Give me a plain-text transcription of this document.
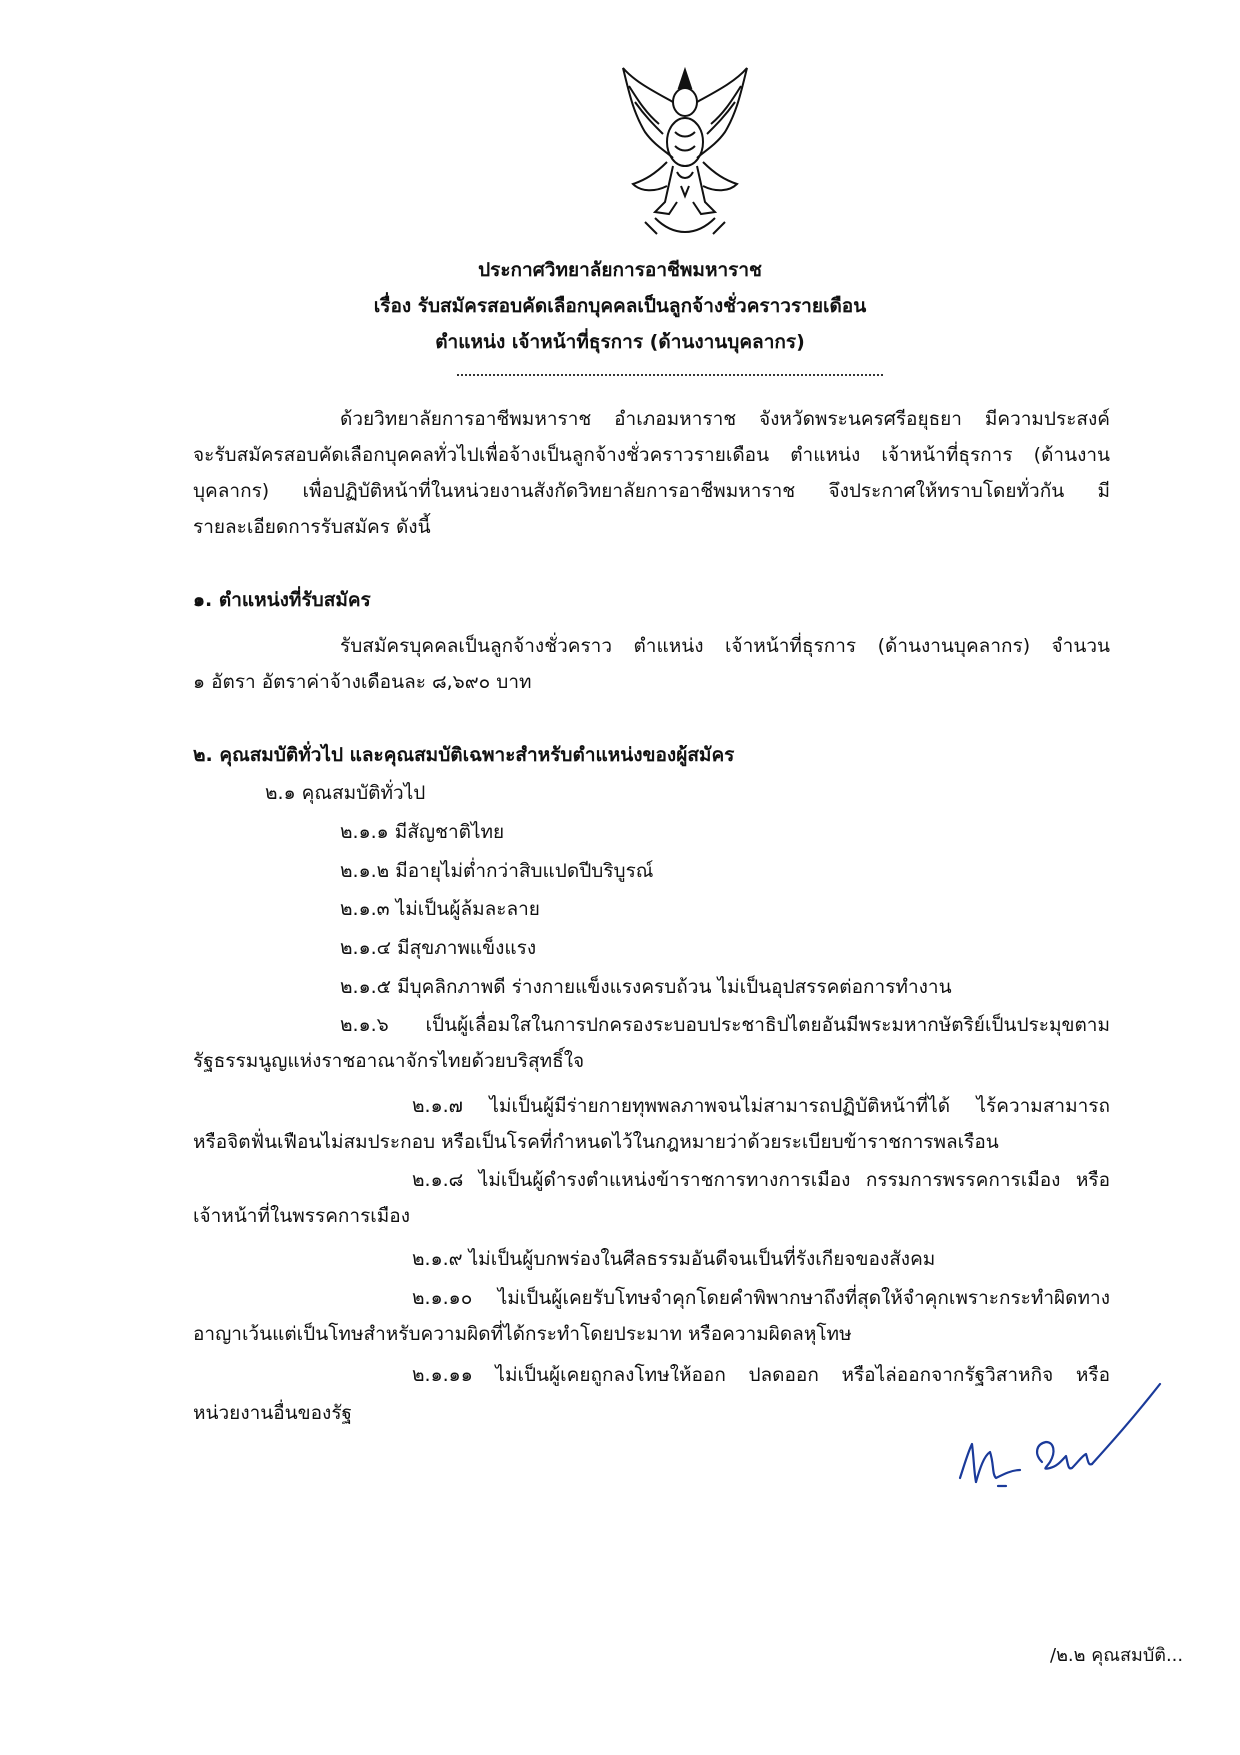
ประกาศวิทยาลัยการอาชีพมหาราช
เรื่อง รับสมัครสอบคัดเลือกบุคคลเป็นลูกจ้างชั่วคราวรายเดือน
ตำแหน่ง เจ้าหน้าที่ธุรการ (ด้านงานบุคลากร)
ด้วยวิทยาลัยการอาชีพมหาราช อำเภอมหาราช จังหวัดพระนครศรีอยุธยา มีความประสงค์
จะรับสมัครสอบคัดเลือกบุคคลทั่วไปเพื่อจ้างเป็นลูกจ้างชั่วคราวรายเดือน ตำแหน่ง เจ้าหน้าที่ธุรการ (ด้านงาน
บุคลากร) เพื่อปฏิบัติหน้าที่ในหน่วยงานสังกัดวิทยาลัยการอาชีพมหาราช จึงประกาศให้ทราบโดยทั่วกัน มี
รายละเอียดการรับสมัคร ดังนี้
๑. ตำแหน่งที่รับสมัคร
รับสมัครบุคคลเป็นลูกจ้างชั่วคราว ตำแหน่ง เจ้าหน้าที่ธุรการ (ด้านงานบุคลากร) จำนวน
๑ อัตรา อัตราค่าจ้างเดือนละ ๘,๖๙๐ บาท
๒. คุณสมบัติทั่วไป และคุณสมบัติเฉพาะสำหรับตำแหน่งของผู้สมัคร
๒.๑ คุณสมบัติทั่วไป
๒.๑.๑ มีสัญชาติไทย
๒.๑.๒ มีอายุไม่ต่ำกว่าสิบแปดปีบริบูรณ์
๒.๑.๓ ไม่เป็นผู้ล้มละลาย
๒.๑.๔ มีสุขภาพแข็งแรง
๒.๑.๕ มีบุคลิกภาพดี ร่างกายแข็งแรงครบถ้วน ไม่เป็นอุปสรรคต่อการทำงาน
๒.๑.๖ เป็นผู้เลื่อมใสในการปกครองระบอบประชาธิปไตยอันมีพระมหากษัตริย์เป็นประมุขตาม
รัฐธรรมนูญแห่งราชอาณาจักรไทยด้วยบริสุทธิ์ใจ
๒.๑.๗ ไม่เป็นผู้มีร่ายกายทุพพลภาพจนไม่สามารถปฏิบัติหน้าที่ได้ ไร้ความสามารถ
หรือจิตฟั่นเฟือนไม่สมประกอบ หรือเป็นโรคที่กำหนดไว้ในกฎหมายว่าด้วยระเบียบข้าราชการพลเรือน
๒.๑.๘ ไม่เป็นผู้ดำรงตำแหน่งข้าราชการทางการเมือง กรรมการพรรคการเมือง หรือ
เจ้าหน้าที่ในพรรคการเมือง
๒.๑.๙ ไม่เป็นผู้บกพร่องในศีลธรรมอันดีจนเป็นที่รังเกียจของสังคม
๒.๑.๑๐ ไม่เป็นผู้เคยรับโทษจำคุกโดยคำพิพากษาถึงที่สุดให้จำคุกเพราะกระทำผิดทาง
อาญาเว้นแต่เป็นโทษสำหรับความผิดที่ได้กระทำโดยประมาท หรือความผิดลหุโทษ
๒.๑.๑๑ ไม่เป็นผู้เคยถูกลงโทษให้ออก ปลดออก หรือไล่ออกจากรัฐวิสาหกิจ หรือ
หน่วยงานอื่นของรัฐ
/๒.๒ คุณสมบัติ...
